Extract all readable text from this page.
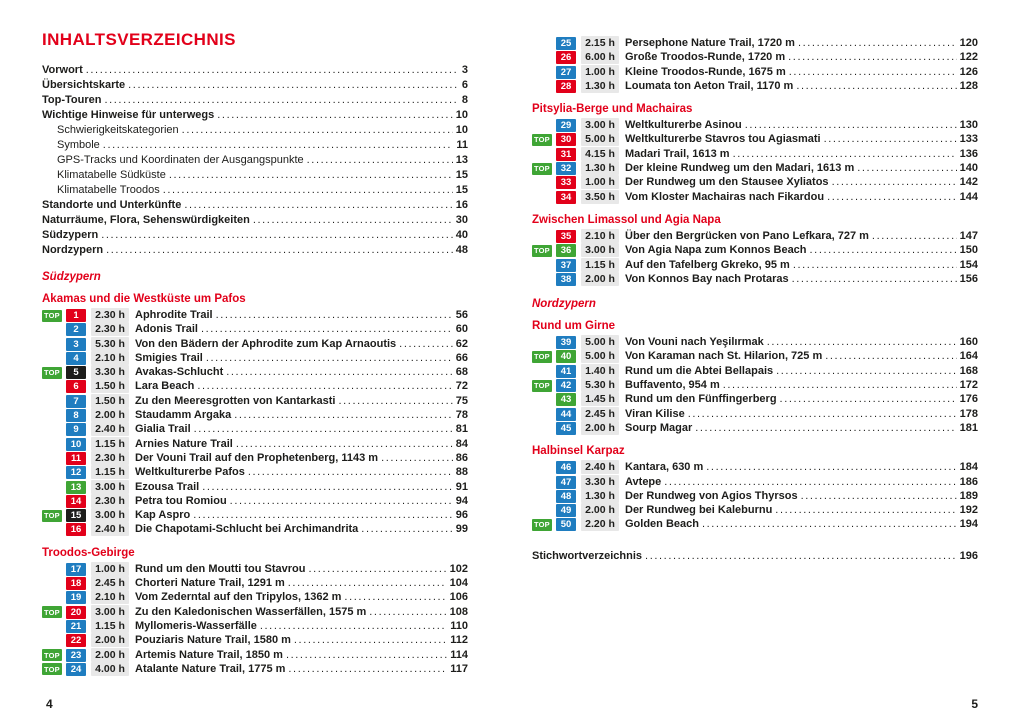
INHALTSVERZEICHNIS
Vorwort .....	3
Übersichtskarte .....	6
Top-Touren .....	8
Wichtige Hinweise für unterwegs .....	10
Schwierigkeitskategorien .....	10
Symbole .....	11
GPS-Tracks und Koordinaten der Ausgangspunkte .....	13
Klimatabelle Südküste .....	15
Klimatabelle Troodos .....	15
Standorte und Unterkünfte .....	16
Naturräume, Flora, Sehenswürdigkeiten .....	30
Südzypern .....	40
Nordzypern .....	48
Südzypern
Akamas und die Westküste um Pafos
TOP	1	2.30 h Aphrodite Trail .....	56
2	2.30 h Adonis Trail .....	60
3	5.30 h Von den Bädern der Aphrodite zum Kap Arnaoutis .....	62
4	2.10 h Smigies Trail .....	66
TOP	5	3.30 h Avakas-Schlucht .....	68
6	1.50 h Lara Beach .....	72
7	1.50 h Zu den Meeresgrotten von Kantarkasti .....	75
8	2.00 h Staudamm Argaka .....	78
9	2.40 h Gialia Trail .....	81
10	1.15 h Arnies Nature Trail .....	84
11	2.30 h Der Vouni Trail auf den Prophetenberg, 1143 m .....	86
12	1.15 h Weltkulturerbe Pafos .....	88
13	3.00 h Ezousa Trail .....	91
14	2.30 h Petra tou Romiou .....	94
TOP	15	3.00 h Kap Aspro .....	96
16	2.40 h Die Chapotami-Schlucht bei Archimandrita .....	99
Troodos-Gebirge
17	1.00 h Rund um den Moutti tou Stavrou .....	102
18	2.45 h Chorteri Nature Trail, 1291 m .....	104
19	2.10 h Vom Zederntal auf den Tripylos, 1362 m .....	106
TOP	20	3.00 h Zu den Kaledonischen Wasserfällen, 1575 m .....	108
21	1.15 h Myllomeris-Wasserfälle .....	110
22	2.00 h Pouziaris Nature Trail, 1580 m .....	112
TOP	23	2.00 h Artemis Nature Trail, 1850 m .....	114
TOP	24	4.00 h Atalante Nature Trail, 1775 m .....	117
25	2.15 h Persephone Nature Trail, 1720 m .....	120
26	6.00 h Große Troodos-Runde, 1720 m .....	122
27	1.00 h Kleine Troodos-Runde, 1675 m .....	126
28	1.30 h Loumata ton Aeton Trail, 1170 m .....	128
Pitsylia-Berge und Machairas
29	3.00 h Weltkulturerbe Asinou .....	130
TOP	30	5.00 h Weltkulturerbe Stavros tou Agiasmati .....	133
31	4.15 h Madari Trail, 1613 m .....	136
TOP	32	1.30 h Der kleine Rundweg um den Madari, 1613 m .....	140
33	1.00 h Der Rundweg um den Stausee Xyliatos .....	142
34	3.50 h Vom Kloster Machairas nach Fikardou .....	144
Zwischen Limassol und Agia Napa
35	2.10 h Über den Bergrücken von Pano Lefkara, 727 m .....	147
TOP	36	3.00 h Von Agia Napa zum Konnos Beach .....	150
37	1.15 h Auf den Tafelberg Gkreko, 95 m .....	154
38	2.00 h Von Konnos Bay nach Protaras .....	156
Nordzypern
Rund um Girne
39	5.00 h Von Vouni nach Yeşilırmak .....	160
TOP	40	5.00 h Von Karaman nach St. Hilarion, 725 m .....	164
41	1.40 h Rund um die Abtei Bellapais .....	168
TOP	42	5.30 h Buffavento, 954 m .....	172
43	1.45 h Rund um den Fünffingerberg .....	176
44	2.45 h Viran Kilise .....	178
45	2.00 h Sourp Magar .....	181
Halbinsel Karpaz
46	2.40 h Kantara, 630 m .....	184
47	3.30 h Avtepe .....	186
48	1.30 h Der Rundweg von Agios Thyrsos .....	189
49	2.00 h Der Rundweg bei Kaleburnu .....	192
TOP	50	2.20 h Golden Beach .....	194
Stichwortverzeichnis .....	196
4	5
